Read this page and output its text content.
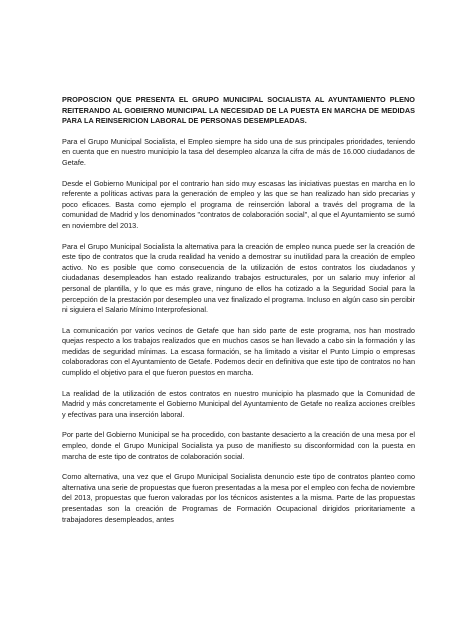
PROPOSCION QUE PRESENTA EL GRUPO MUNICIPAL SOCIALISTA AL AYUNTAMIENTO PLENO REITERANDO AL GOBIERNO MUNICIPAL LA NECESIDAD DE LA PUESTA EN MARCHA DE MEDIDAS PARA LA REINSERICION LABORAL DE PERSONAS DESEMPLEADAS.

Para el Grupo Municipal Socialista, el Empleo siempre ha sido una de sus principales prioridades, teniendo en cuenta que en nuestro municipio la tasa del desempleo alcanza la cifra de más de 16.000 ciudadanos de Getafe.

Desde el Gobierno Municipal por el contrario han sido muy escasas las iniciativas puestas en marcha en lo referente a políticas activas para la generación de empleo y las que se han realizado han sido precarias y poco eficaces. Basta como ejemplo el programa de reinserción laboral a través del programa de la comunidad de Madrid y los denominados "contratos de colaboración social", al que el Ayuntamiento se sumó en noviembre del 2013.

Para el Grupo Municipal Socialista la alternativa para la creación de empleo nunca puede ser la creación de este tipo de contratos que la cruda realidad ha venido a demostrar su inutilidad para la creación de empleo activo. No es posible que como consecuencia de la utilización de estos contratos los ciudadanos y ciudadanas desempleados han estado realizando trabajos estructurales, por un salario muy inferior al personal de plantilla, y lo que es más grave, ninguno de ellos ha cotizado a la Seguridad Social para la percepción de la prestación por desempleo una vez finalizado el programa. Incluso en algún caso sin percibir ni siguiera el Salario Mínimo Interprofesional.

La comunicación por varios vecinos de Getafe que han sido parte de este programa, nos han mostrado quejas respecto a los trabajos realizados que en muchos casos se han llevado a cabo sin la formación y las medidas de seguridad mínimas. La escasa formación, se ha limitado a visitar el Punto Limpio o empresas colaboradoras con el Ayuntamiento de Getafe. Podemos decir en definitiva que este tipo de contratos no han cumplido el objetivo para el que fueron puestos en marcha.

La realidad de la utilización de estos contratos en nuestro municipio ha plasmado que la Comunidad de Madrid y más concretamente el Gobierno Municipal del Ayuntamiento de Getafe no realiza acciones creíbles y efectivas para una inserción laboral.

Por parte del Gobierno Municipal se ha procedido, con bastante desacierto a la creación de una mesa por el empleo, donde el Grupo Municipal Socialista ya puso de manifiesto su disconformidad con la puesta en marcha de este tipo de contratos de colaboración social.

Como alternativa, una vez que el Grupo Municipal Socialista denuncio este tipo de contratos planteo como alternativa una serie de propuestas que fueron presentadas a la mesa por el empleo con fecha de noviembre del 2013, propuestas que fueron valoradas por los técnicos asistentes a la misma. Parte de las propuestas presentadas son la creación de Programas de Formación Ocupacional dirigidos prioritariamente a trabajadores desempleados, antes
